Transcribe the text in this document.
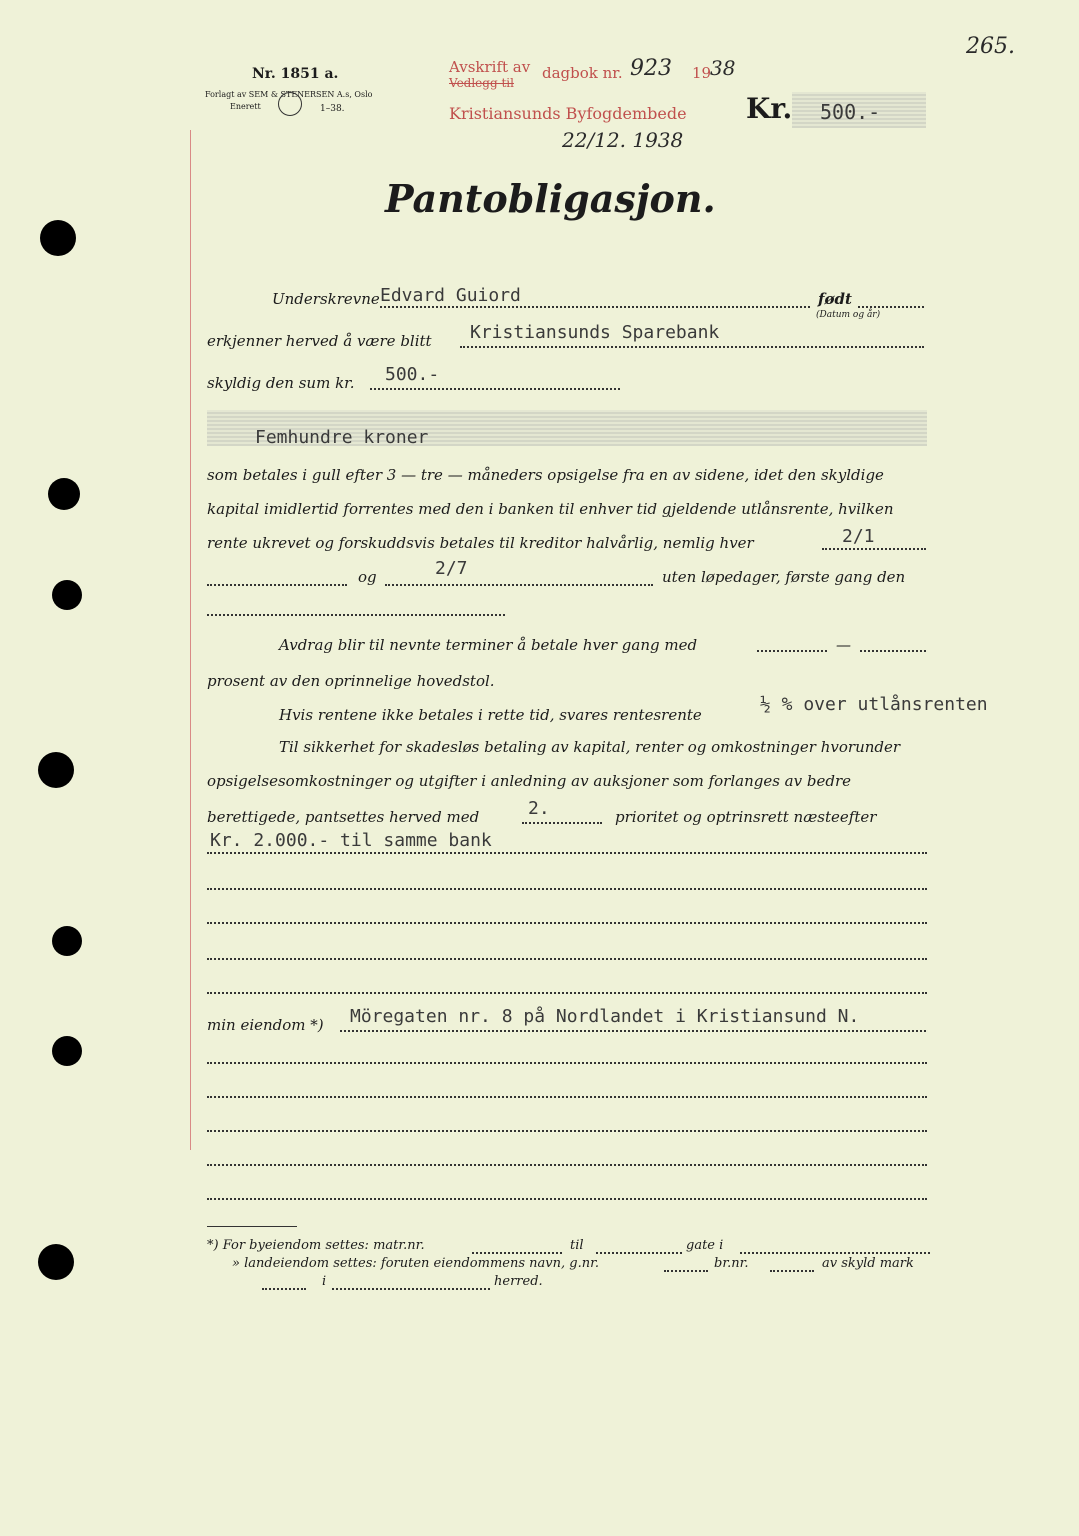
Nr. 1851 a.
Forlagt av SEM & STENERSEN A.s, Oslo
Enerett	1–38.
Avskrift av
Vedlegg til
dagbok nr. 923 19
38
Kristiansunds Byfogdembede
22/12. 1938
Kr. 500.-
265.
Pantobligasjon.
Underskrevne Edvard Guiord	født
(Datum og år)
erkjenner herved å være blitt Kristiansunds Sparebank
skyldig den sum kr. 500.-
Femhundre kroner
som betales i gull efter 3 — tre — måneders opsigelse fra en av sidene, idet den skyldige
kapital imidlertid forrentes med den i banken til enhver tid gjeldende utlånsrente, hvilken
rente ukrevet og forskuddsvis betales til kreditor halvårlig, nemlig hver	2/1
og	2/7	uten løpedager, første gang den
Avdrag blir til nevnte terminer å betale hver gang med	—
prosent av den oprinnelige hovedstol.
Hvis rentene ikke betales i rette tid, svares rentesrente	½ % over utlånsrenten
Til sikkerhet for skadesløs betaling av kapital, renter og omkostninger hvorunder
opsigelsesomkostninger og utgifter i anledning av auksjoner som forlanges av bedre
berettigede, pantsettes herved med	2.	prioritet og optrinsrett næsteefter
Kr. 2.000.- til samme bank
min eiendom *) Möregaten nr. 8 på Nordlandet i Kristiansund N.
*) For byeiendom settes: matr.nr.	til	gate i
» landeiendom settes: foruten eiendommens navn, g.nr.	br.nr.	av skyld mark
i	herred.
